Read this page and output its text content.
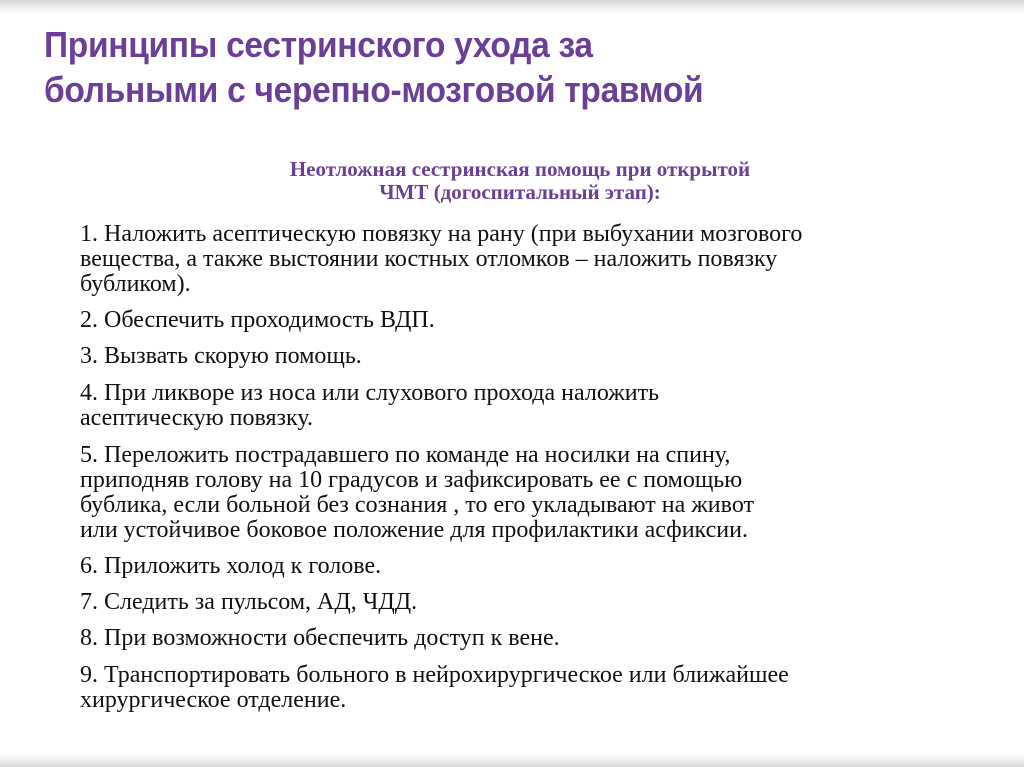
Принципы сестринского ухода за
больными с черепно-мозговой травмой
Неотложная сестринская помощь при открытой
ЧМТ (догоспитальный этап):
1. Наложить асептическую повязку на рану (при выбухании мозгового
вещества, а также выстоянии костных отломков – наложить повязку
бубликом).
2. Обеспечить проходимость ВДП.
3. Вызвать скорую помощь.
4. При ликворе из носа или слухового прохода наложить
асептическую повязку.
5. Переложить пострадавшего по команде на носилки на спину,
приподняв голову на 10 градусов и зафиксировать ее с помощью
бублика, если больной без сознания , то его укладывают на живот
или устойчивое боковое положение для профилактики асфиксии.
6. Приложить холод к голове.
7. Следить за пульсом, АД, ЧДД.
8. При возможности обеспечить доступ к вене.
9. Транспортировать больного в нейрохирургическое или ближайшее
хирургическое отделение.
